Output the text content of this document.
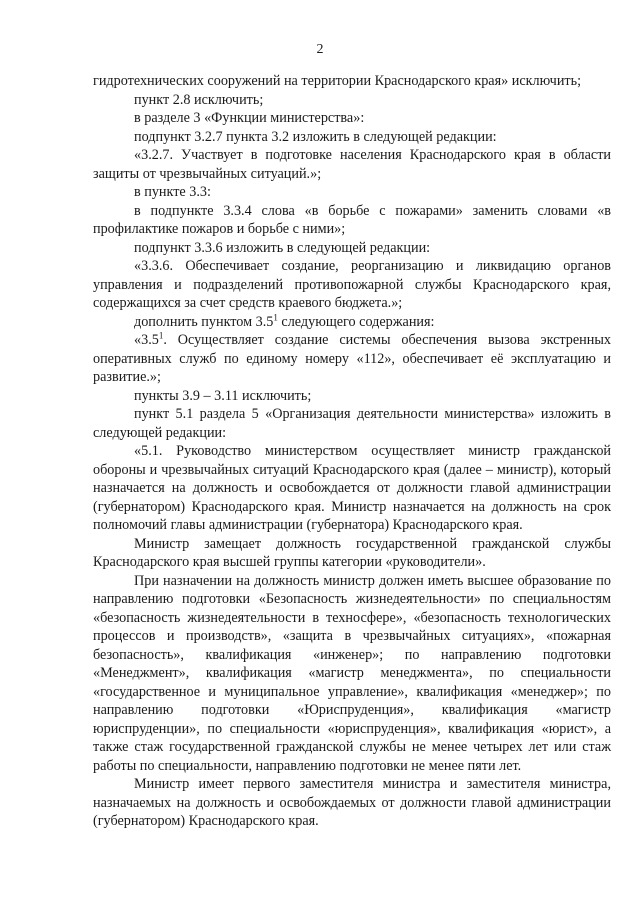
2

гидротехнических сооружений на территории Краснодарского края» исключить;

пункт 2.8 исключить;

в разделе 3 «Функции министерства»:

подпункт 3.2.7 пункта 3.2 изложить в следующей редакции:

«3.2.7. Участвует в подготовке населения Краснодарского края в области защиты от чрезвычайных ситуаций.»;

в пункте 3.3:

в подпункте 3.3.4 слова «в борьбе с пожарами» заменить словами «в профилактике пожаров и борьбе с ними»;

подпункт 3.3.6 изложить в следующей редакции:

«3.3.6. Обеспечивает создание, реорганизацию и ликвидацию органов управления и подразделений противопожарной службы Краснодарского края, содержащихся за счет средств краевого бюджета.»;

дополнить пунктом $3.5^1$ следующего содержания:

«$3.5^1$. Осуществляет создание системы обеспечения вызова экстренных оперативных служб по единому номеру «112», обеспечивает её эксплуатацию и развитие.»;

пункты 3.9 – 3.11 исключить;

пункт 5.1 раздела 5 «Организация деятельности министерства» изложить в следующей редакции:

«5.1. Руководство министерством осуществляет министр гражданской обороны и чрезвычайных ситуаций Краснодарского края (далее – министр), который назначается на должность и освобождается от должности главой администрации (губернатором) Краснодарского края. Министр назначается на должность на срок полномочий главы администрации (губернатора) Краснодарского края.

Министр замещает должность государственной гражданской службы Краснодарского края высшей группы категории «руководители».

При назначении на должность министр должен иметь высшее образование по направлению подготовки «Безопасность жизнедеятельности» по специальностям «безопасность жизнедеятельности в техносфере», «безопасность технологических процессов и производств», «защита в чрезвычайных ситуациях», «пожарная безопасность», квалификация «инженер»; по направлению подготовки «Менеджмент», квалификация «магистр менеджмента», по специальности «государственное и муниципальное управление», квалификация «менеджер»; по направлению подготовки «Юриспруденция», квалификация «магистр юриспруденции», по специальности «юриспруденция», квалификация «юрист», а также стаж государственной гражданской службы не менее четырех лет или стаж работы по специальности, направлению подготовки не менее пяти лет.

Министр имеет первого заместителя министра и заместителя министра, назначаемых на должность и освобождаемых от должности главой администрации (губернатором) Краснодарского края.
